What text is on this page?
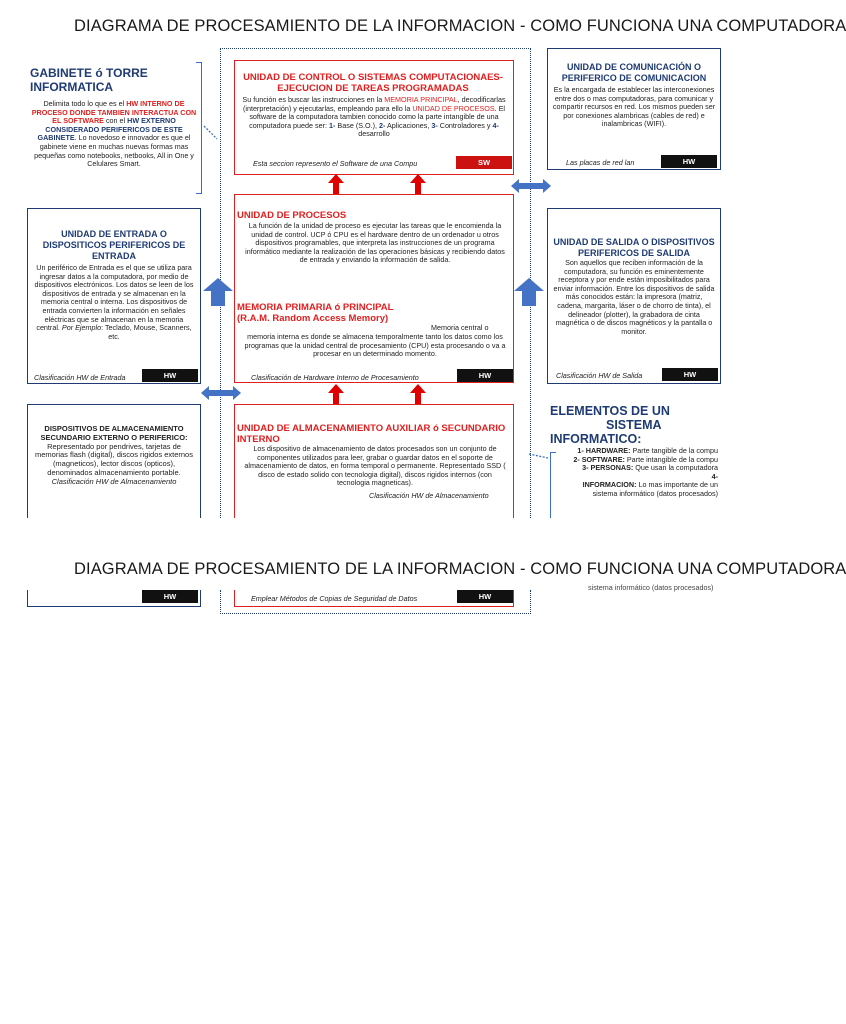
DIAGRAMA DE PROCESAMIENTO DE LA INFORMACION - COMO FUNCIONA UNA COMPUTADORA
GABINETE ó TORRE INFORMATICA
Delimita todo lo que es el HW INTERNO DE PROCESO DONDE TAMBIEN INTERACTUA CON EL SOFTWARE con el HW EXTERNO CONSIDERADO PERIFERICOS DE ESTE GABINETE. Lo novedoso e innovador es que el gabinete viene en muchas nuevas formas mas pequeñas como notebooks, netbooks, All in One y Celulares Smart.
UNIDAD DE CONTROL O SISTEMAS COMPUTACIONAES- EJECUCION DE TAREAS PROGRAMADAS
Su función es buscar las instrucciones en la MEMORIA PRINCIPAL, decodificarlas (interpretación) y ejecutarlas, empleando para ello la UNIDAD DE PROCESOS. El software de la computadora tambien conocido como la parte intangible de una computadora puede ser: 1- Base (S.O.), 2- Aplicaciones, 3- Controladores y 4- desarrollo
Esta seccion represento el Software de una Compu	SW
UNIDAD DE COMUNICACIÓN O PERIFERICO DE COMUNICACION
Es la encargada de establecer las interconexiones entre dos o mas computadoras, para comunicar y compartir recursos en red. Los mismos pueden ser por conexiones alambricas (cables de red) e inalambricas (WIFI).
Las placas de red lan	HW
UNIDAD DE ENTRADA O DISPOSITICOS PERIFERICOS DE ENTRADA
Un periférico de Entrada es el que se utiliza para ingresar datos a la computadora, por medio de dispositivos electrónicos. Los datos se leen de los dispositivos de entrada y se almacenan en la memoria central o interna. Los dispositivos de entrada convierten la información en señales eléctricas que se almacenan en la memoria central. Por Ejemplo: Teclado, Mouse, Scanners, etc.
Clasificación HW de Entrada	HW
UNIDAD DE PROCESOS
La función de la unidad de proceso es ejecutar las tareas que le encomienda la unidad de control. UCP ó CPU es el hardware dentro de un ordenador u otros dispositivos programables, que interpreta las instrucciones de un programa informático mediante la realización de las operaciones básicas y recibiendo datos de entrada y enviando la información de salida.
MEMORIA PRIMARIA ó PRINCIPAL
(R.A.M. Random Access Memory)
Memoria central o
memoria interna es donde se almacena temporalmente tanto los datos como los programas que la unidad central de procesamiento (CPU) esta procesando o va a procesar en un determinado momento.
Clasificación de Hardware Interno de Procesamiento	HW
UNIDAD DE SALIDA O DISPOSITIVOS PERIFERICOS DE SALIDA
Son aquellos que reciben información de la computadora, su función es eminentemente receptora y por ende están imposibilitados para enviar información. Entre los dispositivos de salida más conocidos están: la impresora (matriz, cadena, margarita, láser o de chorro de tinta), el delineador (plotter), la grabadora de cinta magnética o de discos magnéticos y la pantalla o monitor.
Clasificación HW de Salida	HW
DISPOSITIVOS DE ALMACENAMIENTO SECUNDARIO EXTERNO O PERIFERICO:
Representado por pendrives, tarjetas de memorias flash (digital), discos rigidos externos (magneticos), lector discos (opticos), denominados almacenamiento portable.
Clasificación HW de Almacenamiento
UNIDAD DE ALMACENAMIENTO AUXILIAR ó SECUNDARIO INTERNO
Los dispositivo de almacenamiento de datos procesados son un conjunto de componentes utilizados para leer, grabar o guardar datos en el soporte de almacenamiento de datos, en forma temporal o permanente. Representado SSD ( disco de estado solido con tecnologia digital), discos rigidos internos (con tecnologia magneticas).
Clasificación HW de Almacenamiento
ELEMENTOS DE UN
SISTEMA
INFORMATICO:
1- HARDWARE: Parte tangible de la compu
2- SOFTWARE: Parte intangible de la compu
3- PERSONAS: Que usan la computadora
4-
INFORMACION: Lo mas importante de un sistema informático (datos procesados)
DIAGRAMA DE PROCESAMIENTO DE LA INFORMACION - COMO FUNCIONA UNA COMPUTADORA
HW	Emplear Métodos de Copias de Seguridad de Datos	HW
sistema informático (datos procesados)
